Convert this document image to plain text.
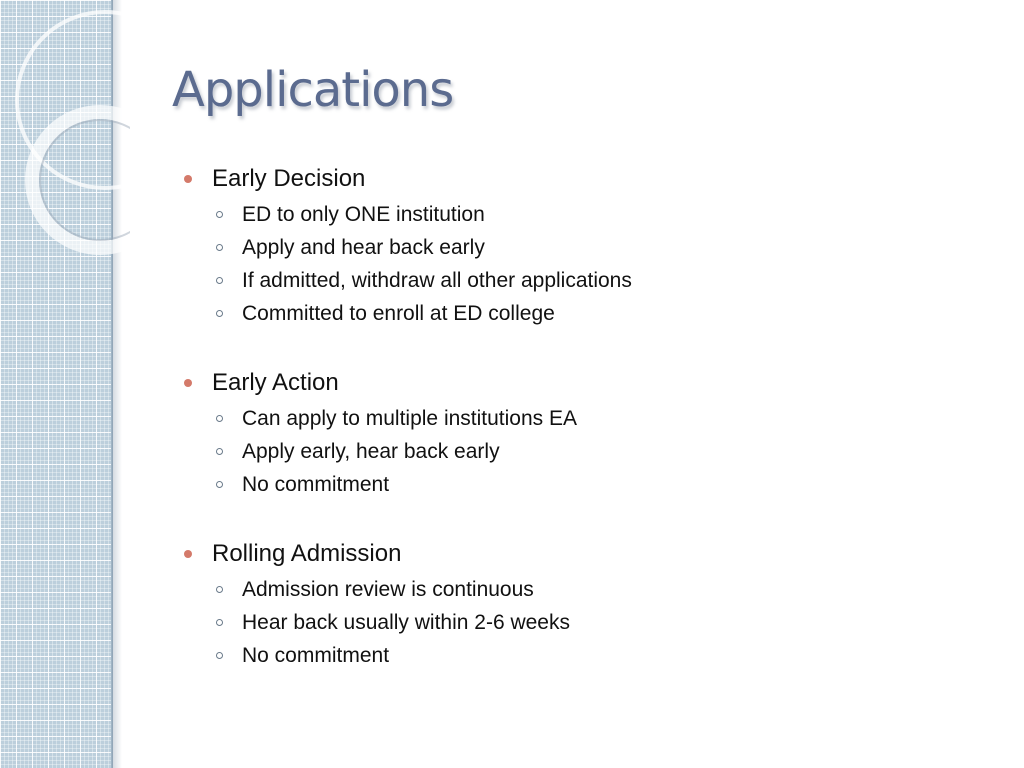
Applications
Early Decision
ED to only ONE institution
Apply and hear back early
If admitted, withdraw all other applications
Committed to enroll at ED college
Early Action
Can apply to multiple institutions EA
Apply early, hear back early
No commitment
Rolling Admission
Admission review is continuous
Hear back usually within 2-6 weeks
No commitment
